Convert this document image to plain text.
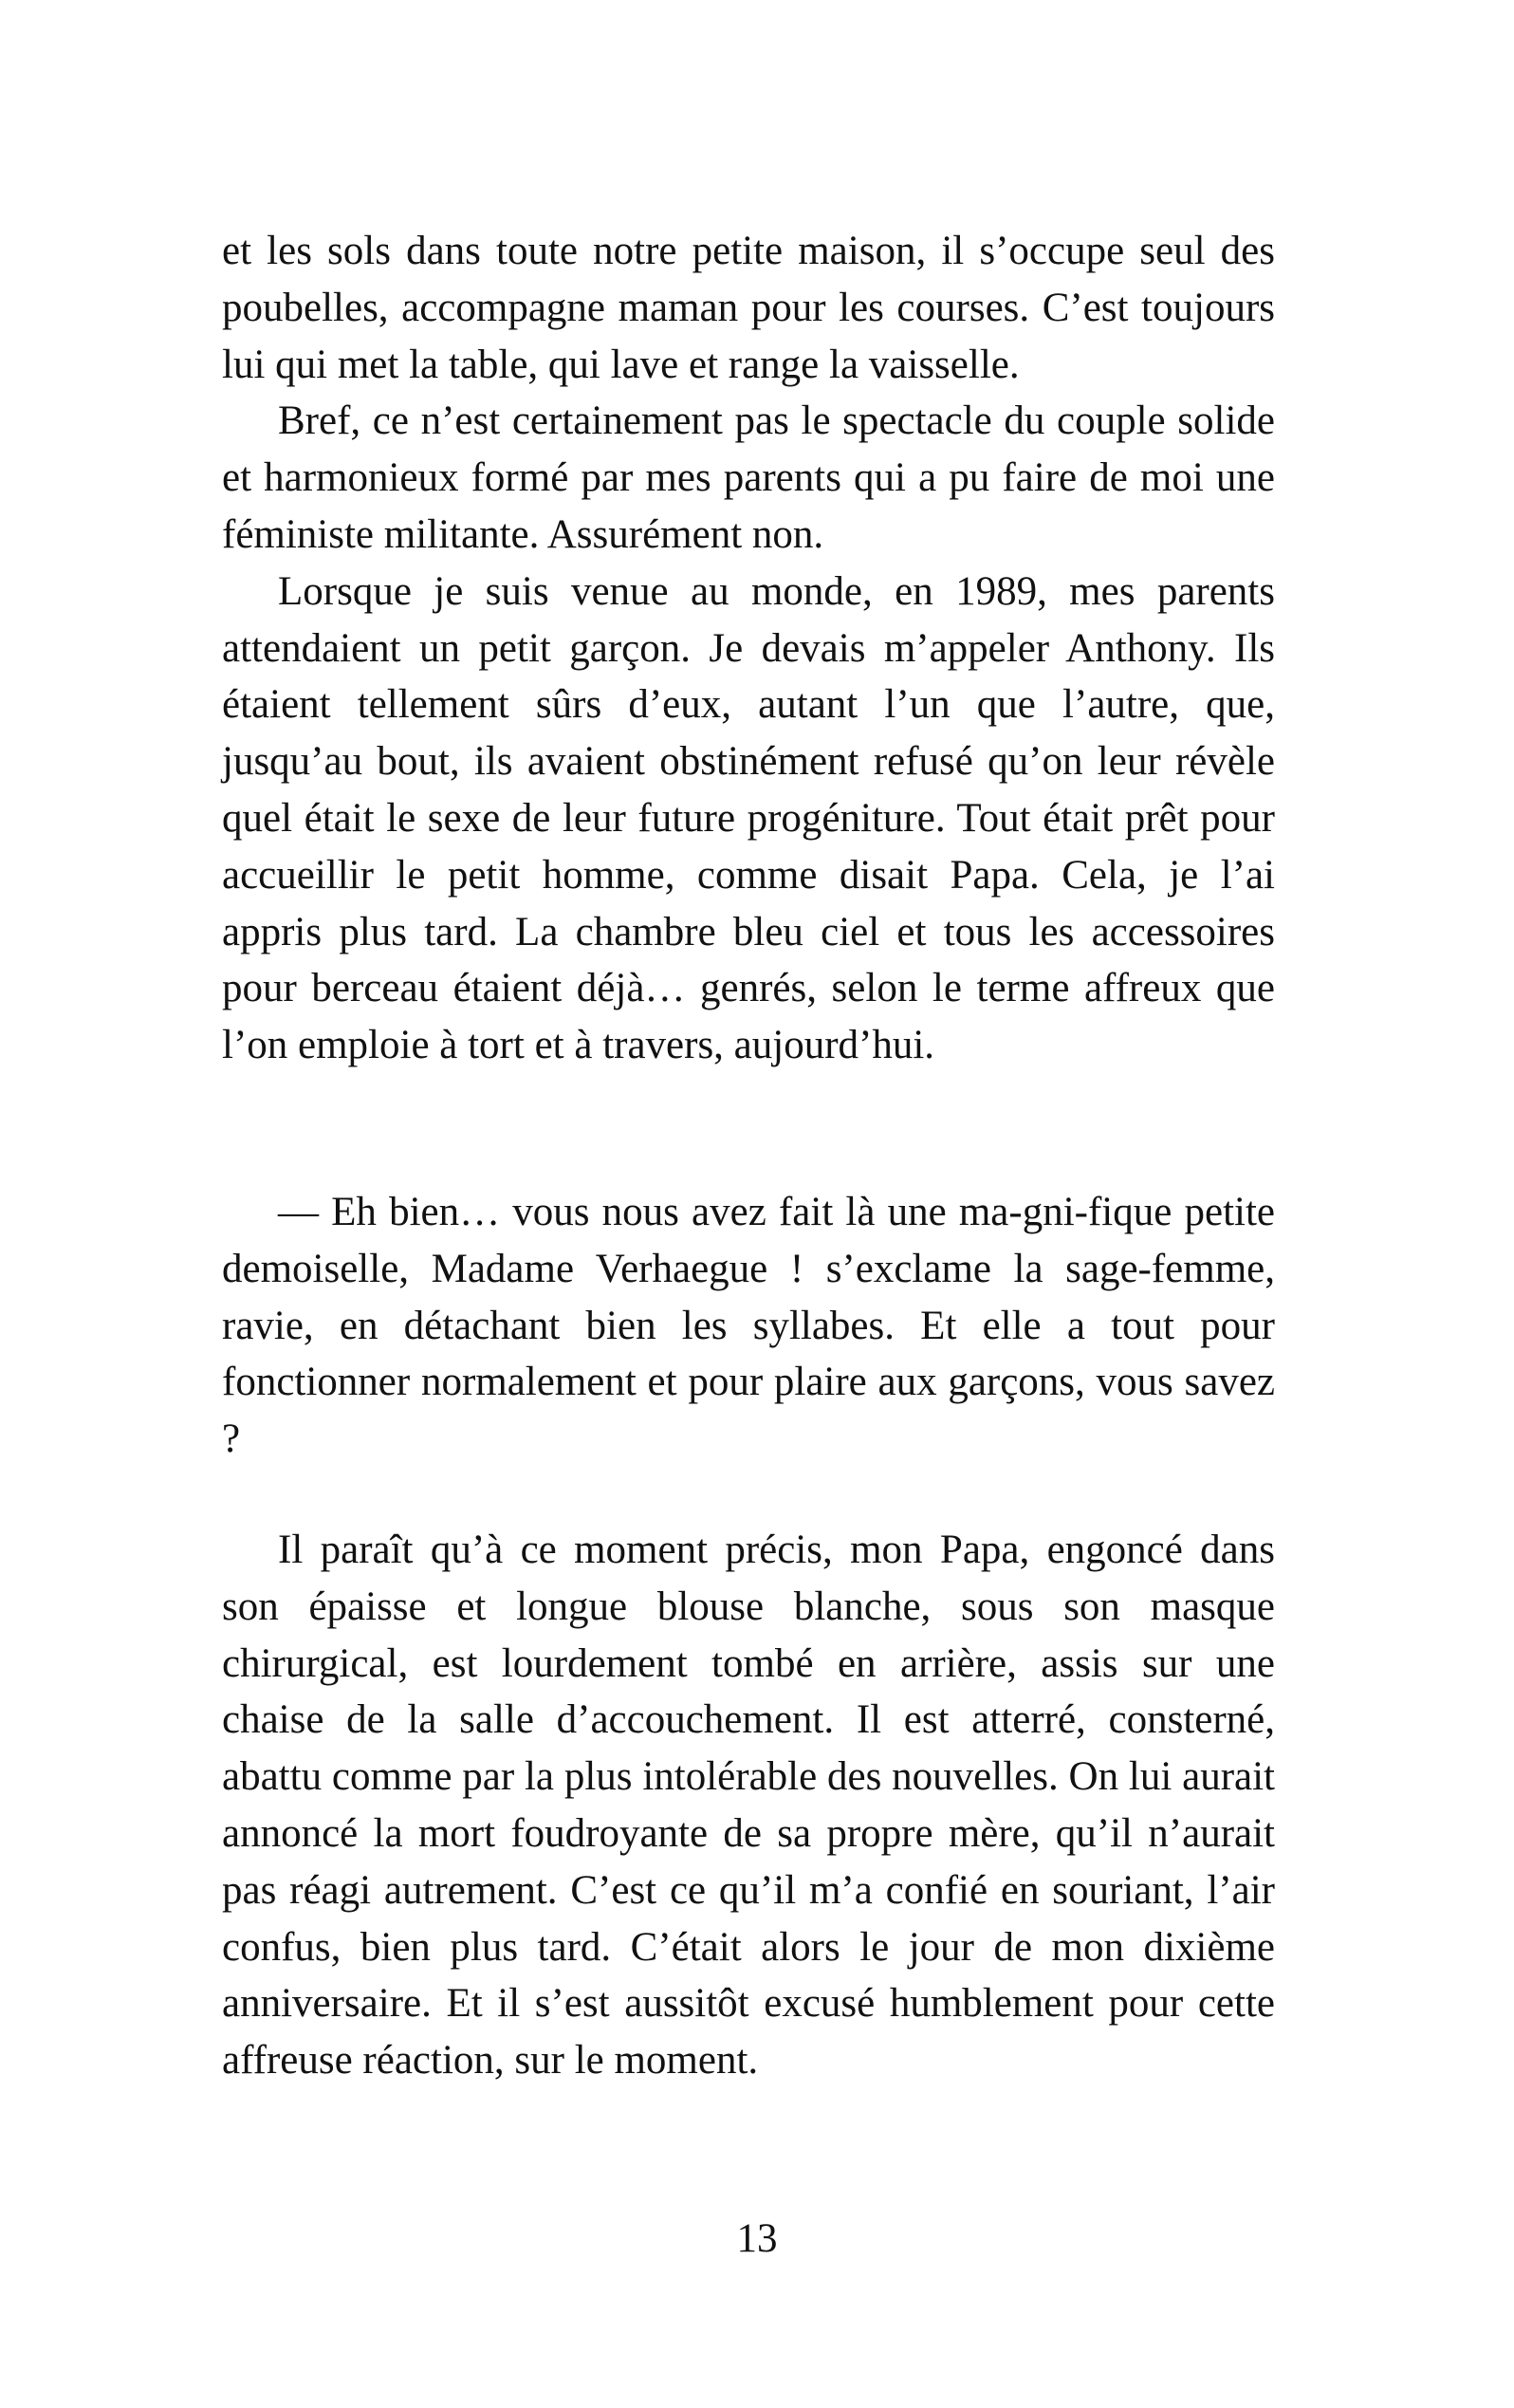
et les sols dans toute notre petite maison, il s’occupe seul des poubelles, accompagne maman pour les courses. C’est toujours lui qui met la table, qui lave et range la vaisselle.

Bref, ce n’est certainement pas le spectacle du couple solide et harmonieux formé par mes parents qui a pu faire de moi une féministe militante. Assurément non.

Lorsque je suis venue au monde, en 1989, mes parents attendaient un petit garçon. Je devais m’appeler Anthony. Ils étaient tellement sûrs d’eux, autant l’un que l’autre, que, jusqu’au bout, ils avaient obstinément refusé qu’on leur révèle quel était le sexe de leur future progéniture. Tout était prêt pour accueillir le petit homme, comme disait Papa. Cela, je l’ai appris plus tard. La chambre bleu ciel et tous les accessoires pour berceau étaient déjà… genrés, selon le terme affreux que l’on emploie à tort et à travers, aujourd’hui.

— Eh bien… vous nous avez fait là une ma-gni-fique petite demoiselle, Madame Verhaegue ! s’exclame la sage-femme, ravie, en détachant bien les syllabes. Et elle a tout pour fonctionner normalement et pour plaire aux garçons, vous savez ?

Il paraît qu’à ce moment précis, mon Papa, engoncé dans son épaisse et longue blouse blanche, sous son masque chirurgical, est lourdement tombé en arrière, assis sur une chaise de la salle d’accouchement. Il est atterré, consterné, abattu comme par la plus intolérable des nouvelles. On lui aurait annoncé la mort foudroyante de sa propre mère, qu’il n’aurait pas réagi autrement. C’est ce qu’il m’a confié en souriant, l’air confus, bien plus tard. C’était alors le jour de mon dixième anniversaire. Et il s’est aussitôt excusé humblement pour cette affreuse réaction, sur le moment.

13
